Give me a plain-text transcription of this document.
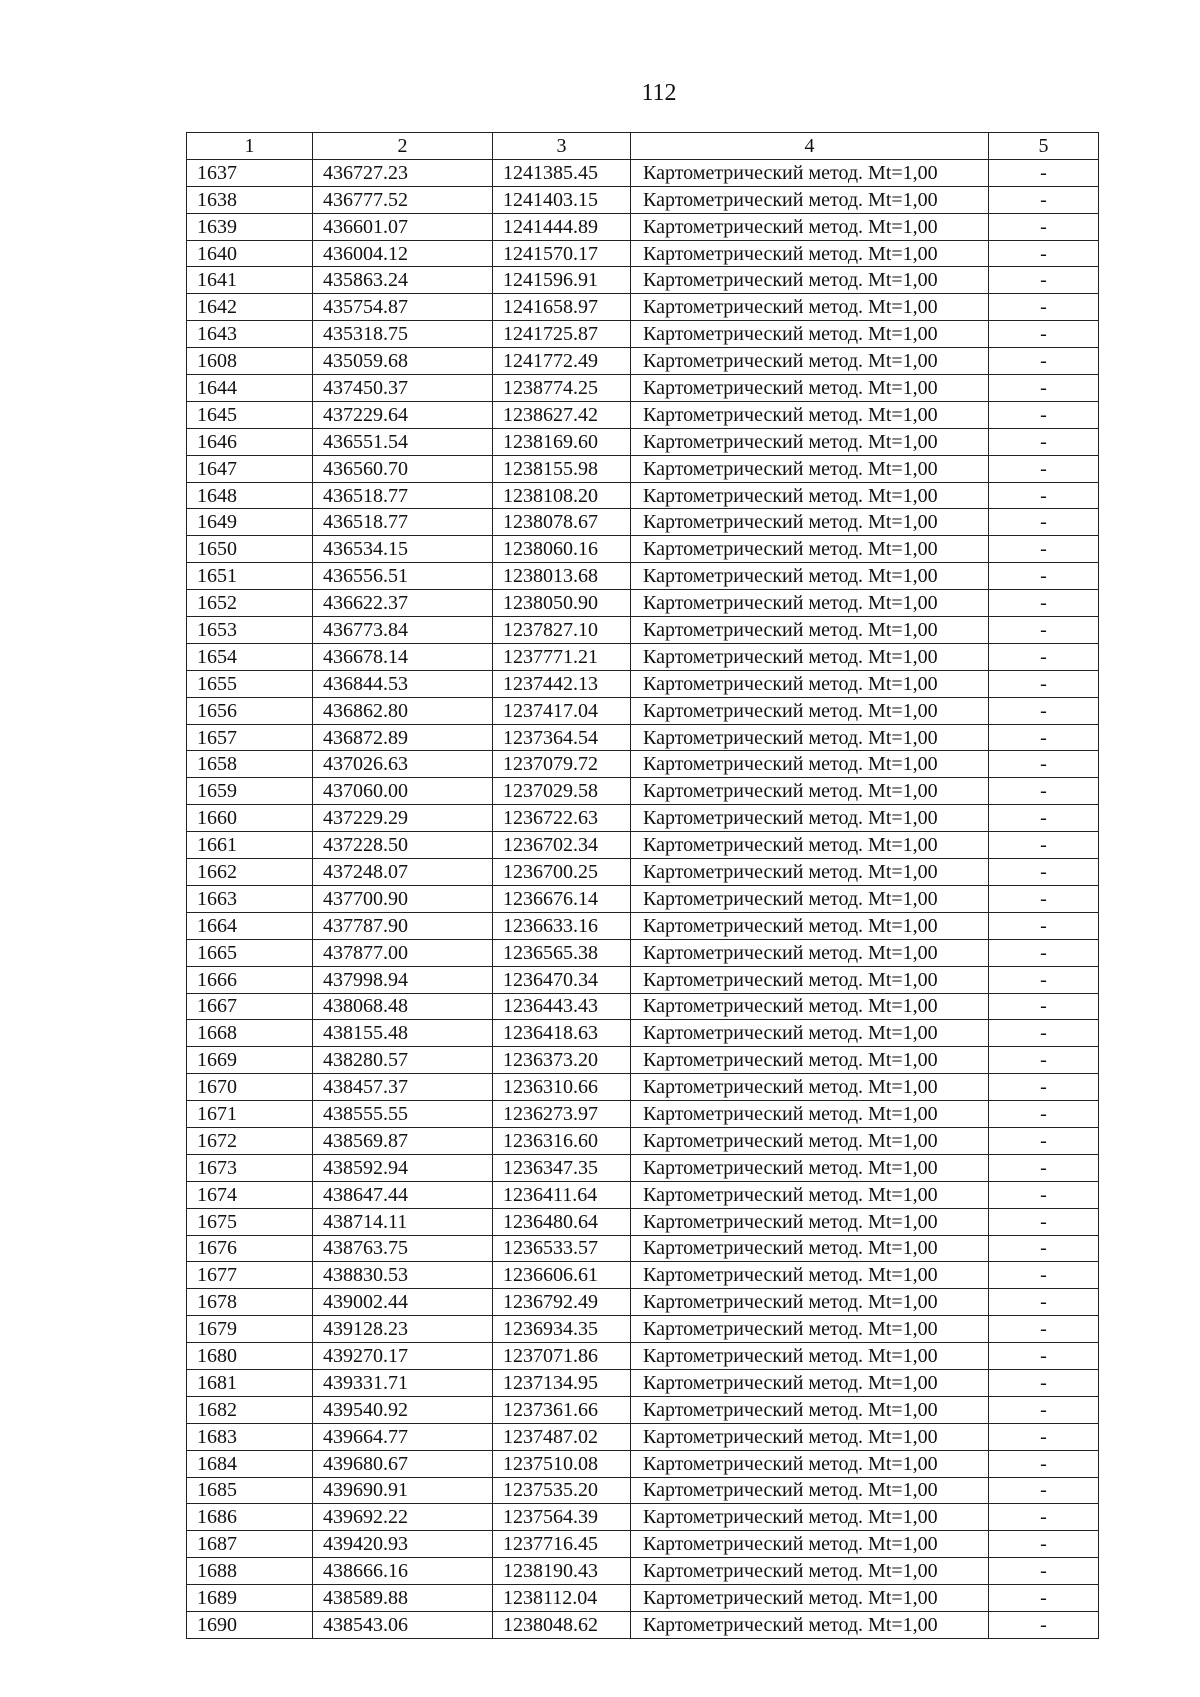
112
1	2	3	4	5
1637	436727.23	1241385.45	Картометрический метод. Mt=1,00	-
1638	436777.52	1241403.15	Картометрический метод. Mt=1,00	-
1639	436601.07	1241444.89	Картометрический метод. Mt=1,00	-
1640	436004.12	1241570.17	Картометрический метод. Mt=1,00	-
1641	435863.24	1241596.91	Картометрический метод. Mt=1,00	-
1642	435754.87	1241658.97	Картометрический метод. Mt=1,00	-
1643	435318.75	1241725.87	Картометрический метод. Mt=1,00	-
1608	435059.68	1241772.49	Картометрический метод. Mt=1,00	-
1644	437450.37	1238774.25	Картометрический метод. Mt=1,00	-
1645	437229.64	1238627.42	Картометрический метод. Mt=1,00	-
1646	436551.54	1238169.60	Картометрический метод. Mt=1,00	-
1647	436560.70	1238155.98	Картометрический метод. Mt=1,00	-
1648	436518.77	1238108.20	Картометрический метод. Mt=1,00	-
1649	436518.77	1238078.67	Картометрический метод. Mt=1,00	-
1650	436534.15	1238060.16	Картометрический метод. Mt=1,00	-
1651	436556.51	1238013.68	Картометрический метод. Mt=1,00	-
1652	436622.37	1238050.90	Картометрический метод. Mt=1,00	-
1653	436773.84	1237827.10	Картометрический метод. Mt=1,00	-
1654	436678.14	1237771.21	Картометрический метод. Mt=1,00	-
1655	436844.53	1237442.13	Картометрический метод. Mt=1,00	-
1656	436862.80	1237417.04	Картометрический метод. Mt=1,00	-
1657	436872.89	1237364.54	Картометрический метод. Mt=1,00	-
1658	437026.63	1237079.72	Картометрический метод. Mt=1,00	-
1659	437060.00	1237029.58	Картометрический метод. Mt=1,00	-
1660	437229.29	1236722.63	Картометрический метод. Mt=1,00	-
1661	437228.50	1236702.34	Картометрический метод. Mt=1,00	-
1662	437248.07	1236700.25	Картометрический метод. Mt=1,00	-
1663	437700.90	1236676.14	Картометрический метод. Mt=1,00	-
1664	437787.90	1236633.16	Картометрический метод. Mt=1,00	-
1665	437877.00	1236565.38	Картометрический метод. Mt=1,00	-
1666	437998.94	1236470.34	Картометрический метод. Mt=1,00	-
1667	438068.48	1236443.43	Картометрический метод. Mt=1,00	-
1668	438155.48	1236418.63	Картометрический метод. Mt=1,00	-
1669	438280.57	1236373.20	Картометрический метод. Mt=1,00	-
1670	438457.37	1236310.66	Картометрический метод. Mt=1,00	-
1671	438555.55	1236273.97	Картометрический метод. Mt=1,00	-
1672	438569.87	1236316.60	Картометрический метод. Mt=1,00	-
1673	438592.94	1236347.35	Картометрический метод. Mt=1,00	-
1674	438647.44	1236411.64	Картометрический метод. Mt=1,00	-
1675	438714.11	1236480.64	Картометрический метод. Mt=1,00	-
1676	438763.75	1236533.57	Картометрический метод. Mt=1,00	-
1677	438830.53	1236606.61	Картометрический метод. Mt=1,00	-
1678	439002.44	1236792.49	Картометрический метод. Mt=1,00	-
1679	439128.23	1236934.35	Картометрический метод. Mt=1,00	-
1680	439270.17	1237071.86	Картометрический метод. Mt=1,00	-
1681	439331.71	1237134.95	Картометрический метод. Mt=1,00	-
1682	439540.92	1237361.66	Картометрический метод. Mt=1,00	-
1683	439664.77	1237487.02	Картометрический метод. Mt=1,00	-
1684	439680.67	1237510.08	Картометрический метод. Mt=1,00	-
1685	439690.91	1237535.20	Картометрический метод. Mt=1,00	-
1686	439692.22	1237564.39	Картометрический метод. Mt=1,00	-
1687	439420.93	1237716.45	Картометрический метод. Mt=1,00	-
1688	438666.16	1238190.43	Картометрический метод. Mt=1,00	-
1689	438589.88	1238112.04	Картометрический метод. Mt=1,00	-
1690	438543.06	1238048.62	Картометрический метод. Mt=1,00	-
